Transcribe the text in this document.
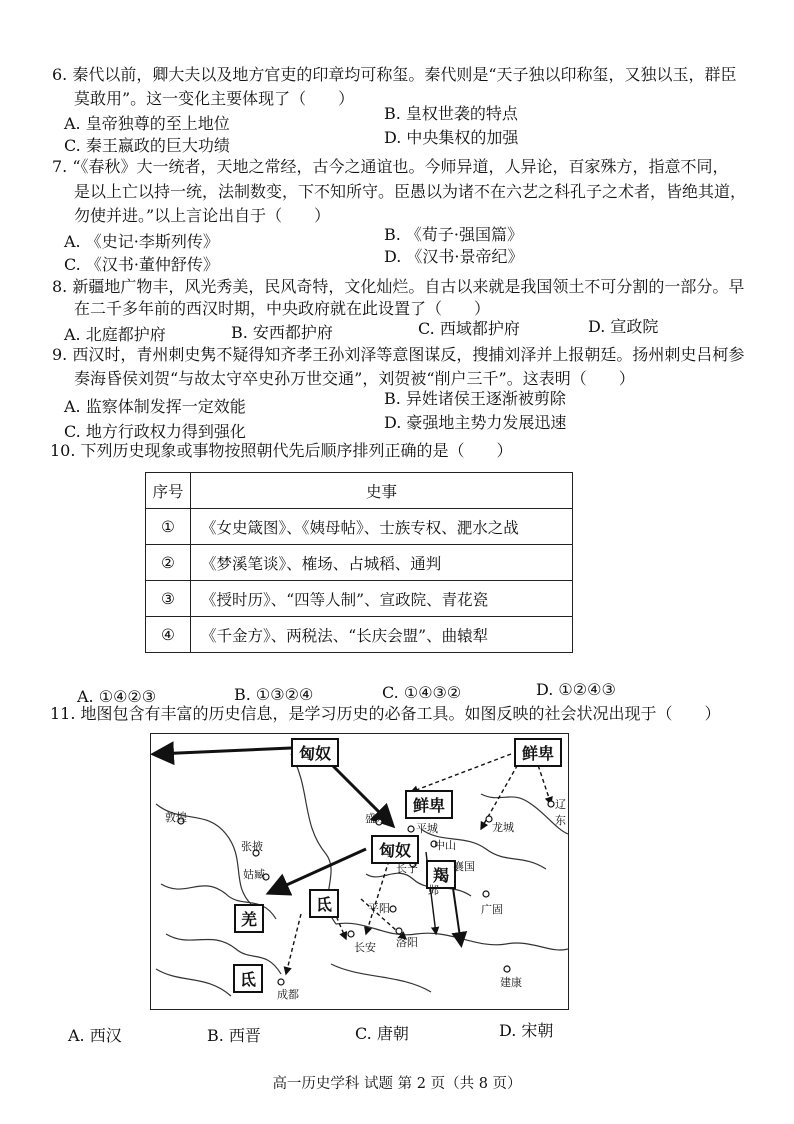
6. 秦代以前，卿大夫以及地方官吏的印章均可称玺。秦代则是“天子独以印称玺，又独以玉，群臣
莫敢用”。这一变化主要体现了（　　）
A. 皇帝独尊的至上地位
B. 皇权世袭的特点
C. 秦王嬴政的巨大功绩	D. 中央集权的加强
7. “《春秋》大一统者，天地之常经，古今之通谊也。今师异道，人异论，百家殊方，指意不同，
是以上亡以持一统，法制数变，下不知所守。臣愚以为诸不在六艺之科孔子之术者，皆绝其道，
勿使并进。”以上言论出自于（　　）
A. 《史记·李斯列传》	B. 《荀子·强国篇》
C. 《汉书·董仲舒传》	D. 《汉书·景帝纪》
8. 新疆地广物丰，风光秀美，民风奇特，文化灿烂。自古以来就是我国领土不可分割的一部分。早
在二千多年前的西汉时期，中央政府就在此设置了（　　）
A. 北庭都护府	B. 安西都护府	C. 西域都护府	D. 宣政院
9. 西汉时，青州刺史隽不疑得知齐孝王孙刘泽等意图谋反，搜捕刘泽并上报朝廷。扬州刺史吕柯参
奏海昏侯刘贺“与故太守卒史孙万世交通”，刘贺被“削户三千”。这表明（　　）
A. 监察体制发挥一定效能	B. 异姓诸侯王逐渐被剪除
C. 地方行政权力得到强化	D. 豪强地主势力发展迅速
10. 下列历史现象或事物按照朝代先后顺序排列正确的是（　　）
序号	史事
①	《女史箴图》、《姨母帖》、士族专权、淝水之战
②	《梦溪笔谈》、榷场、占城稻、通判
③	《授时历》、“四等人制”、宣政院、青花瓷
④	《千金方》、两税法、“长庆会盟”、曲辕犁
A. ①④②③	B. ①③②④	C. ①④③②	D. ①②④③
11. 地图包含有丰富的历史信息，是学习历史的必备工具。如图反映的社会状况出现于（　　）
匈奴	鲜卑
鲜卑
匈奴
羯
氐
羌
氐
敦煌
张掖
姑臧
盛乐
平城
中山
龙城
辽东
长子	襄国
邺
广固
平阳
长安 洛阳
成都
建康
A. 西汉	B. 西晋	C. 唐朝	D. 宋朝
高一历史学科 试题 第 2 页（共 8 页）
